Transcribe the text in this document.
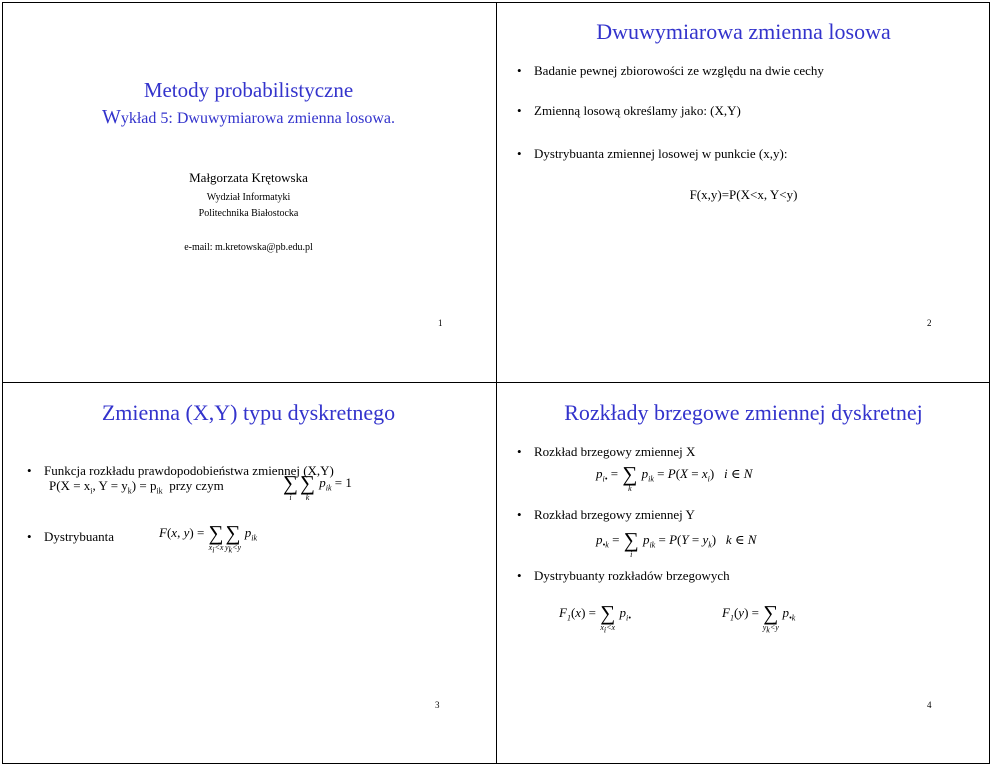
Metody probabilistyczne
Wykład 5: Dwuwymiarowa zmienna losowa.
Małgorzata Krętowska
Wydział Informatyki
Politechnika Białostocka
e-mail: m.kretowska@pb.edu.pl
1
Dwuwymiarowa zmienna losowa
• Badanie pewnej zbiorowości ze względu na dwie cechy
• Zmienną losową określamy jako: (X,Y)
• Dystrybuanta zmiennej losowej w punkcie (x,y):
F(x,y)=P(X<x, Y<y)
2
Zmienna (X,Y) typu dyskretnego
• Funkcja rozkładu prawdopodobieństwa zmiennej (X,Y)
$P(X = x_i$, $Y = y_k) = p_{ik}$ przy czym	∑
i
∑
k
$p_{ik} = 1$
• Dystrybuanta	F(x, y) = ∑
$x_i<x$
∑
$y_k<y$
$p_{ik}$
3
Rozkłady brzegowe zmiennej dyskretnej
• Rozkład brzegowy zmiennej X
$p_{i•}$ = ∑
k
$p_{ik} = P(X = x_i)$   i ∈ N
• Rozkład brzegowy zmiennej Y
$p_{•k}$ = ∑
i
$p_{ik} = P(Y = y_k)$   k ∈ N
• Dystrybuanty rozkładów brzegowych
$F_1(x)$ = ∑
$x_i<x$
$p_{i•}$	$F_1(y)$ = ∑
$y_k<y$
$p_{•k}$
4
